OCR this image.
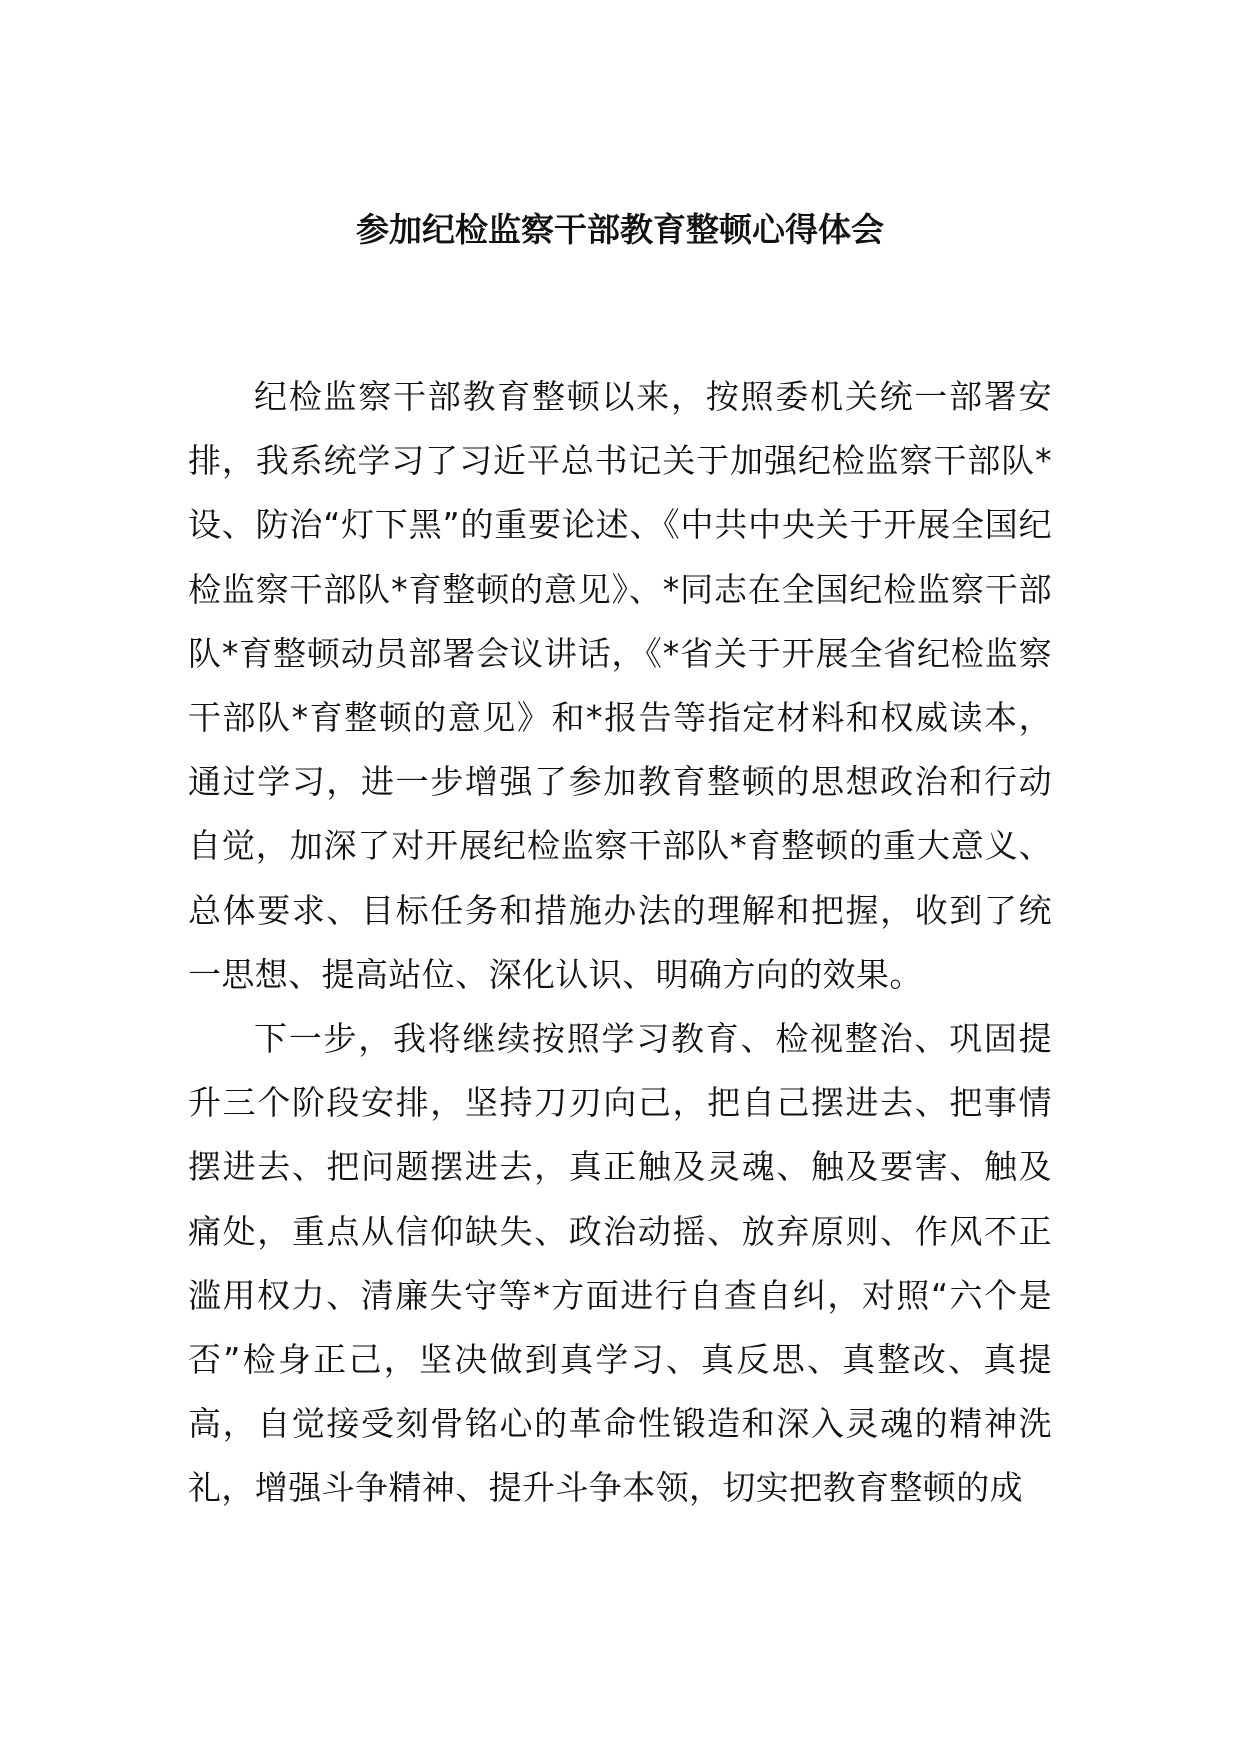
参加纪检监察干部教育整顿心得体会

纪检监察干部教育整顿以来，按照委机关统一部署安排，我系统学习了习近平总书记关于加强纪检监察干部队*设、防治“灯下黑”的重要论述、《中共中央关于开展全国纪检监察干部队*育整顿的意见》、*同志在全国纪检监察干部队*育整顿动员部署会议讲话，《*省关于开展全省纪检监察干部队*育整顿的意见》和*报告等指定材料和权威读本，通过学习，进一步增强了参加教育整顿的思想政治和行动自觉，加深了对开展纪检监察干部队*育整顿的重大意义、总体要求、目标任务和措施办法的理解和把握，收到了统一思想、提高站位、深化认识、明确方向的效果。

下一步，我将继续按照学习教育、检视整治、巩固提升三个阶段安排，坚持刀刃向己，把自己摆进去、把事情摆进去、把问题摆进去，真正触及灵魂、触及要害、触及痛处，重点从信仰缺失、政治动摇、放弃原则、作风不正滥用权力、清廉失守等*方面进行自查自纠，对照“六个是否”检身正己，坚决做到真学习、真反思、真整改、真提高，自觉接受刻骨铭心的革命性锻造和深入灵魂的精神洗礼，增强斗争精神、提升斗争本领，切实把教育整顿的成
